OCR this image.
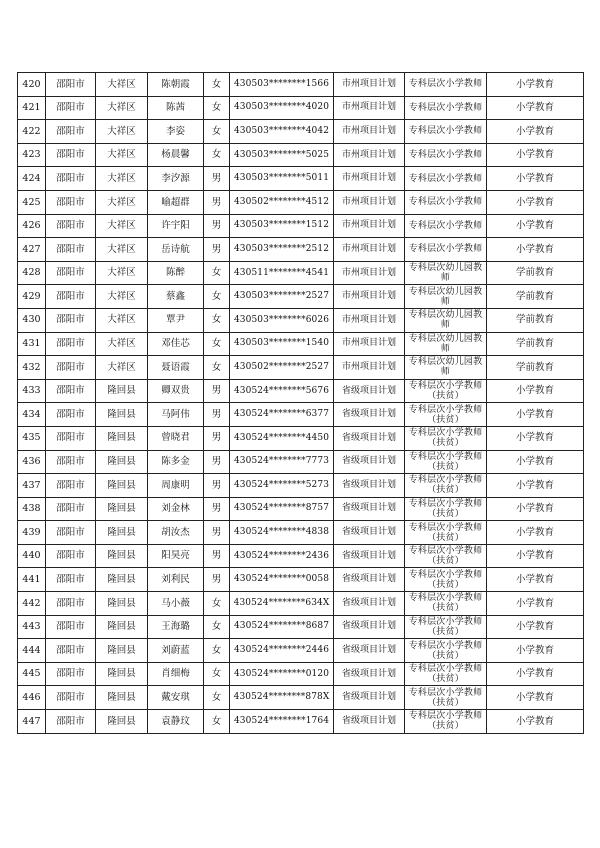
420	邵阳市	大祥区	陈朝霞	女	430503********1566	市州项目计划	专科层次小学教师	小学教育
421	邵阳市	大祥区	陈茜	女	430503********4020	市州项目计划	专科层次小学教师	小学教育
422	邵阳市	大祥区	李姿	女	430503********4042	市州项目计划	专科层次小学教师	小学教育
423	邵阳市	大祥区	杨晨馨	女	430503********5025	市州项目计划	专科层次小学教师	小学教育
424	邵阳市	大祥区	李汐源	男	430503********5011	市州项目计划	专科层次小学教师	小学教育
425	邵阳市	大祥区	喻超群	男	430502********4512	市州项目计划	专科层次小学教师	小学教育
426	邵阳市	大祥区	许宇阳	男	430503********1512	市州项目计划	专科层次小学教师	小学教育
427	邵阳市	大祥区	岳诗航	男	430503********2512	市州项目计划	专科层次小学教师	小学教育
428	邵阳市	大祥区	陈醉	女	430511********4541	市州项目计划	专科层次幼儿园教师	学前教育
429	邵阳市	大祥区	蔡鑫	女	430503********2527	市州项目计划	专科层次幼儿园教师	学前教育
430	邵阳市	大祥区	覃尹	女	430503********6026	市州项目计划	专科层次幼儿园教师	学前教育
431	邵阳市	大祥区	邓佳芯	女	430503********1540	市州项目计划	专科层次幼儿园教师	学前教育
432	邵阳市	大祥区	聂语霞	女	430502********2527	市州项目计划	专科层次幼儿园教师	学前教育
433	邵阳市	隆回县	卿双贵	男	430524********5676	省级项目计划	专科层次小学教师（扶贫）	小学教育
434	邵阳市	隆回县	马阿伟	男	430524********6377	省级项目计划	专科层次小学教师（扶贫）	小学教育
435	邵阳市	隆回县	曾晓君	男	430524********4450	省级项目计划	专科层次小学教师（扶贫）	小学教育
436	邵阳市	隆回县	陈多金	男	430524********7773	省级项目计划	专科层次小学教师（扶贫）	小学教育
437	邵阳市	隆回县	周康明	男	430524********5273	省级项目计划	专科层次小学教师（扶贫）	小学教育
438	邵阳市	隆回县	刘金林	男	430524********8757	省级项目计划	专科层次小学教师（扶贫）	小学教育
439	邵阳市	隆回县	胡汝杰	男	430524********4838	省级项目计划	专科层次小学教师（扶贫）	小学教育
440	邵阳市	隆回县	阳昊亮	男	430524********2436	省级项目计划	专科层次小学教师（扶贫）	小学教育
441	邵阳市	隆回县	刘利民	男	430524********0058	省级项目计划	专科层次小学教师（扶贫）	小学教育
442	邵阳市	隆回县	马小薇	女	430524********634X	省级项目计划	专科层次小学教师（扶贫）	小学教育
443	邵阳市	隆回县	王海璐	女	430524********8687	省级项目计划	专科层次小学教师（扶贫）	小学教育
444	邵阳市	隆回县	刘蔚蓝	女	430524********2446	省级项目计划	专科层次小学教师（扶贫）	小学教育
445	邵阳市	隆回县	肖细梅	女	430524********0120	省级项目计划	专科层次小学教师（扶贫）	小学教育
446	邵阳市	隆回县	戴安琪	女	430524********878X	省级项目计划	专科层次小学教师（扶贫）	小学教育
447	邵阳市	隆回县	袁静玟	女	430524********1764	省级项目计划	专科层次小学教师（扶贫）	小学教育
